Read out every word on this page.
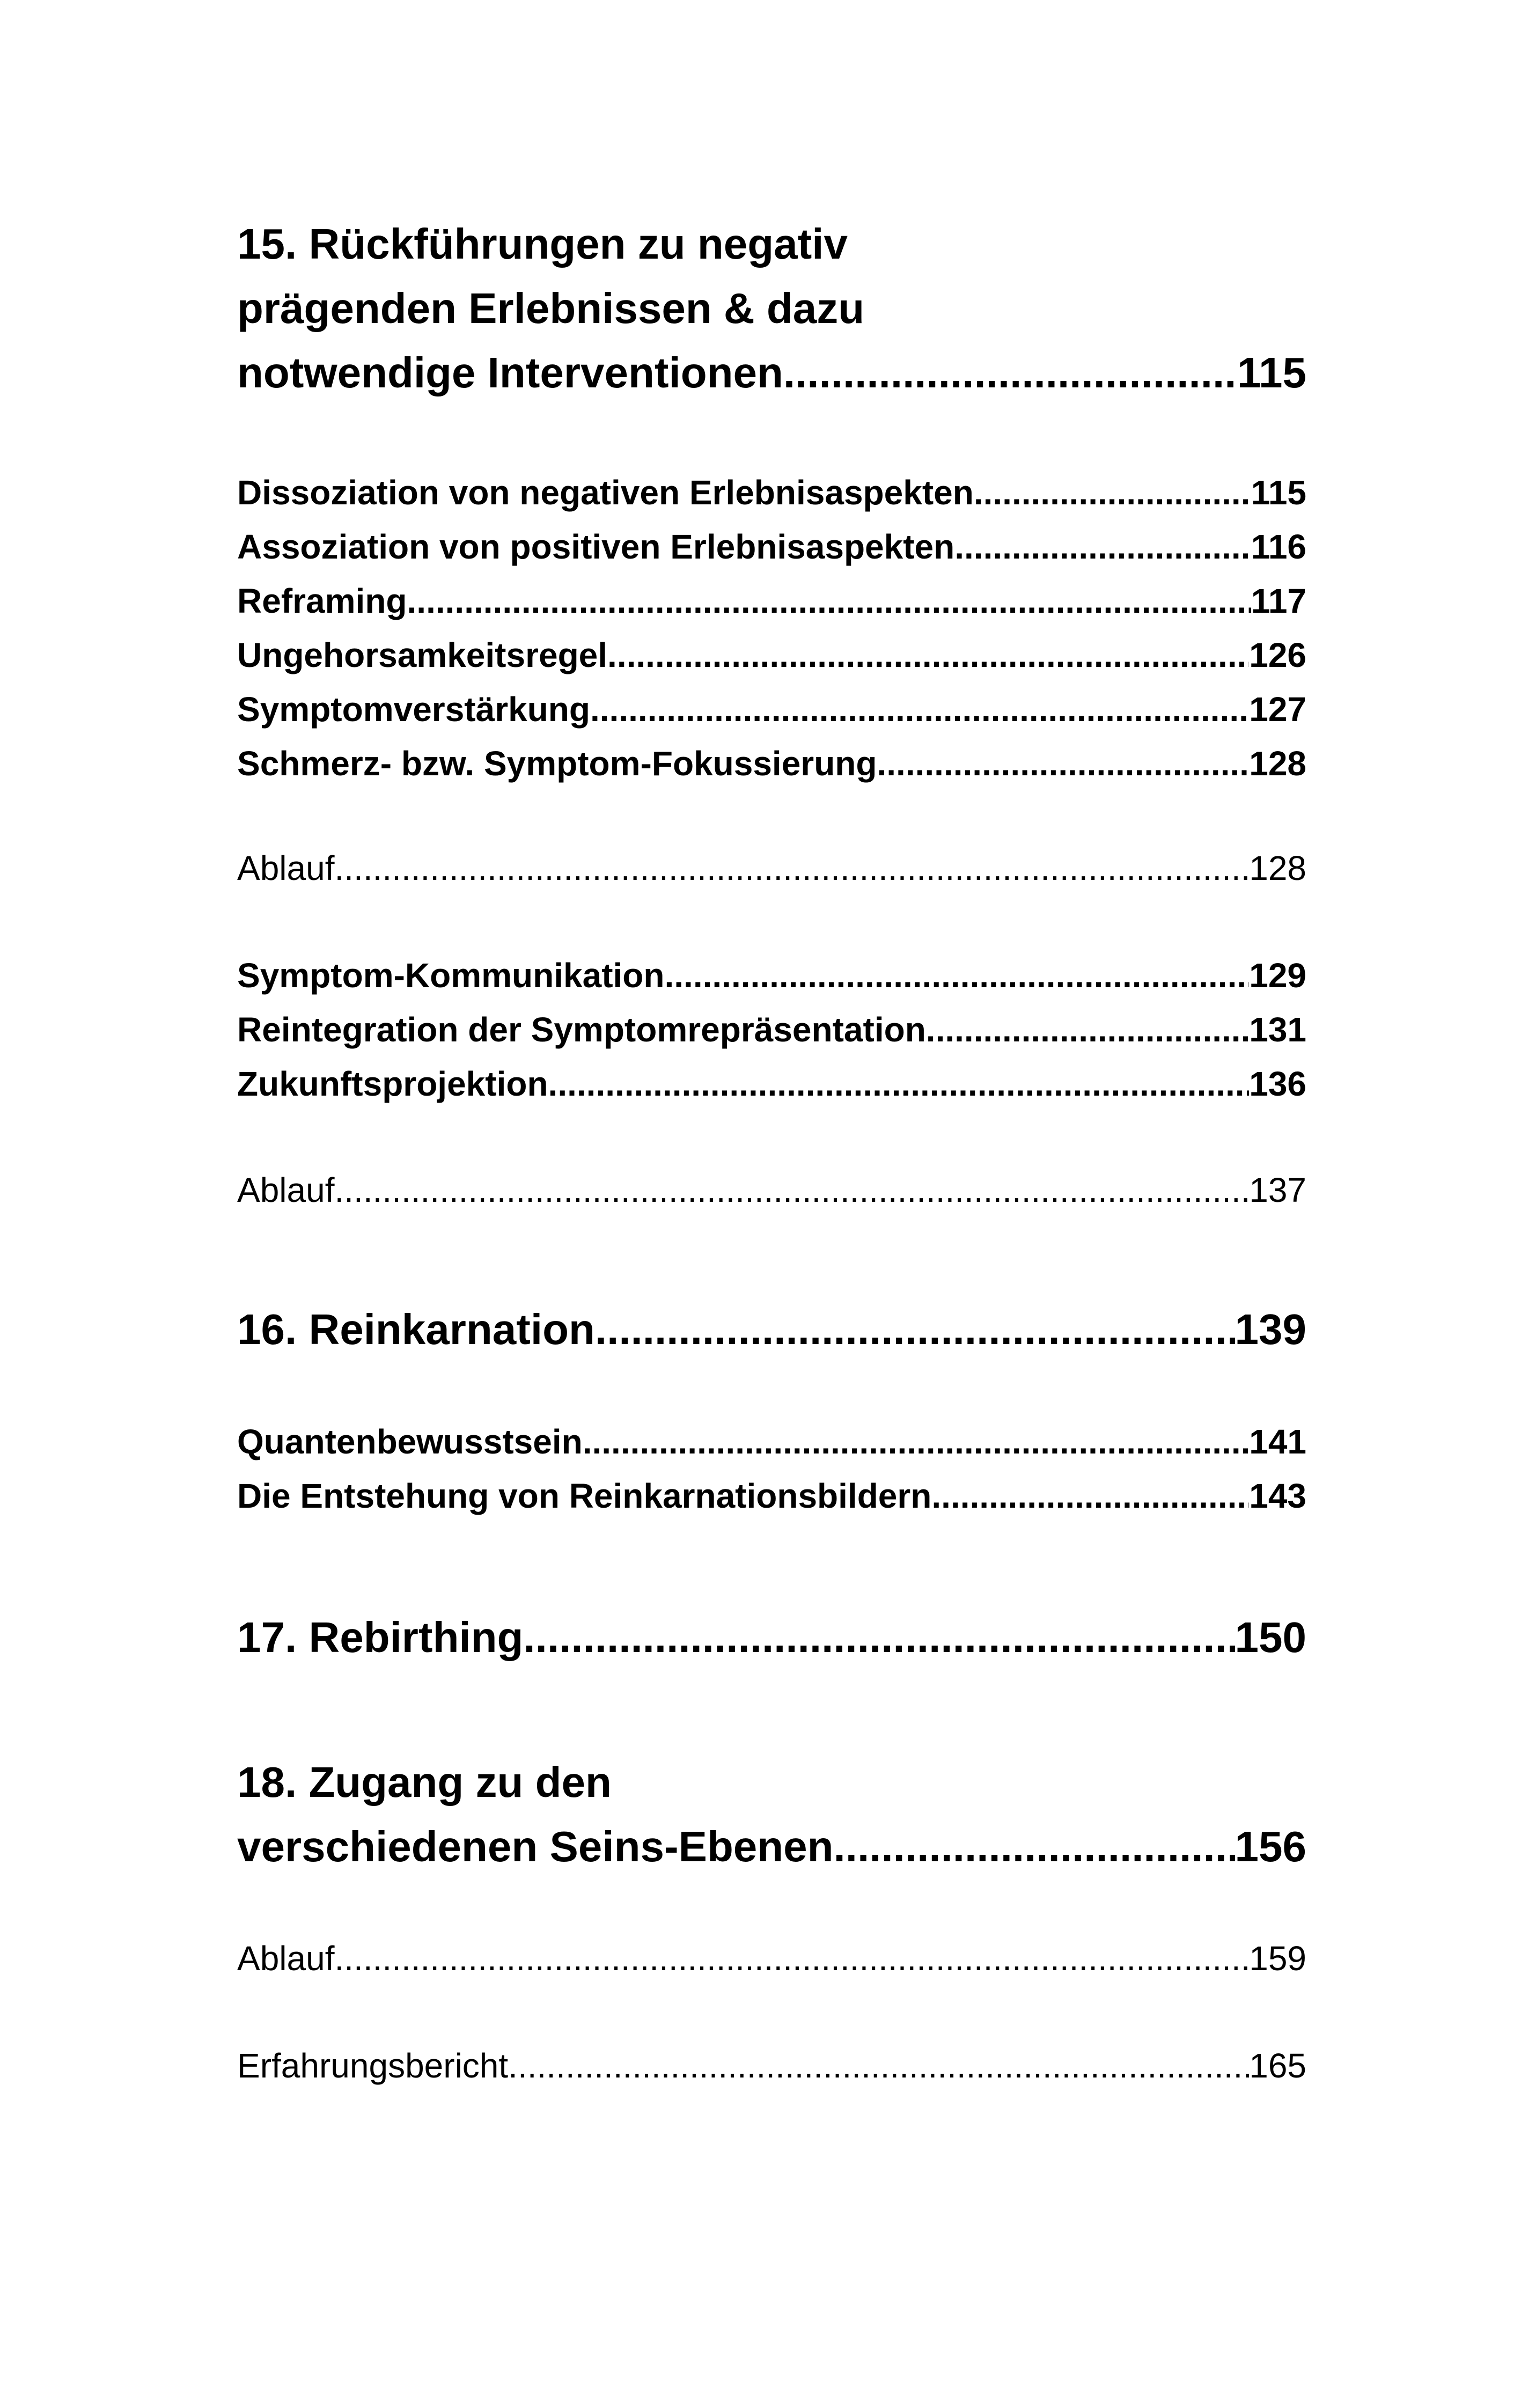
15. Rückführungen zu negativ
prägenden Erlebnissen & dazu
notwendige Interventionen .....	115
Dissoziation von negativen Erlebnisaspekten .....	115
Assoziation von positiven Erlebnisaspekten .....	116
Reframing .....	117
Ungehorsamkeitsregel .....	126
Symptomverstärkung .....	127
Schmerz- bzw. Symptom-Fokussierung .....	128
Ablauf .....	128
Symptom-Kommunikation .....	129
Reintegration der Symptomrepräsentation .....	131
Zukunftsprojektion .....	136
Ablauf .....	137
16. Reinkarnation .....	139
Quantenbewusstsein .....	141
Die Entstehung von Reinkarnationsbildern .....	143
17. Rebirthing .....	150
18. Zugang zu den
verschiedenen Seins-Ebenen .....	156
Ablauf .....	159
Erfahrungsbericht .....	165
